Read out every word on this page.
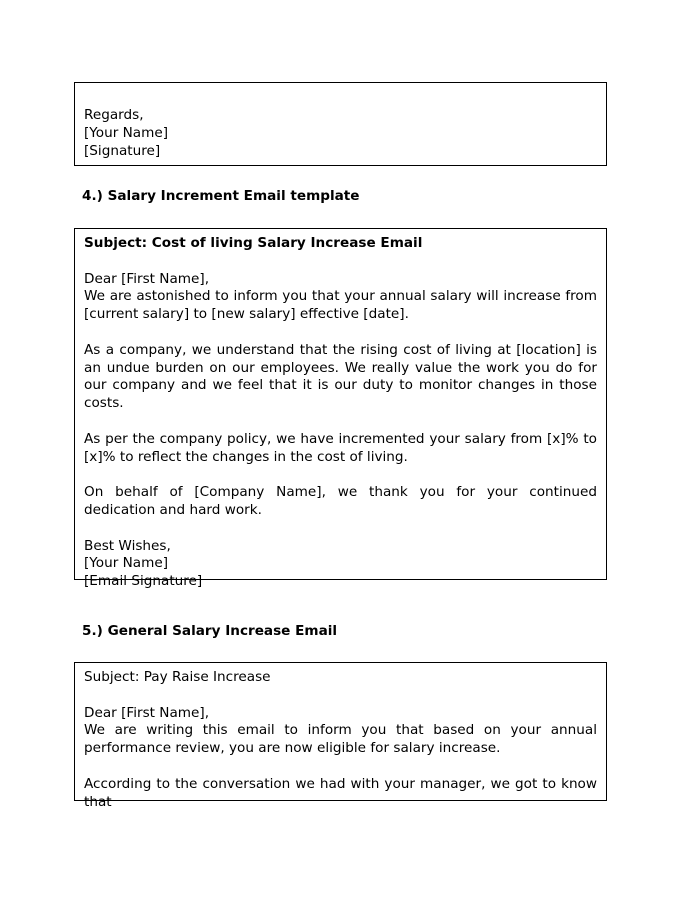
Regards,
[Your Name]
[Signature]
4.) Salary Increment Email template
Subject: Cost of living Salary Increase Email
Dear [First Name],
We are astonished to inform you that your annual salary will increase from [current salary] to [new salary] effective [date].
As a company, we understand that the rising cost of living at [location] is an undue burden on our employees. We really value the work you do for our company and we feel that it is our duty to monitor changes in those costs.
As per the company policy, we have incremented your salary from [x]% to [x]% to reflect the changes in the cost of living.
On behalf of [Company Name], we thank you for your continued dedication and hard work.
Best Wishes,
[Your Name]
[Email Signature]
5.) General Salary Increase Email
Subject: Pay Raise Increase
Dear [First Name],
We are writing this email to inform you that based on your annual performance review, you are now eligible for salary increase.
According to the conversation we had with your manager, we got to know that
